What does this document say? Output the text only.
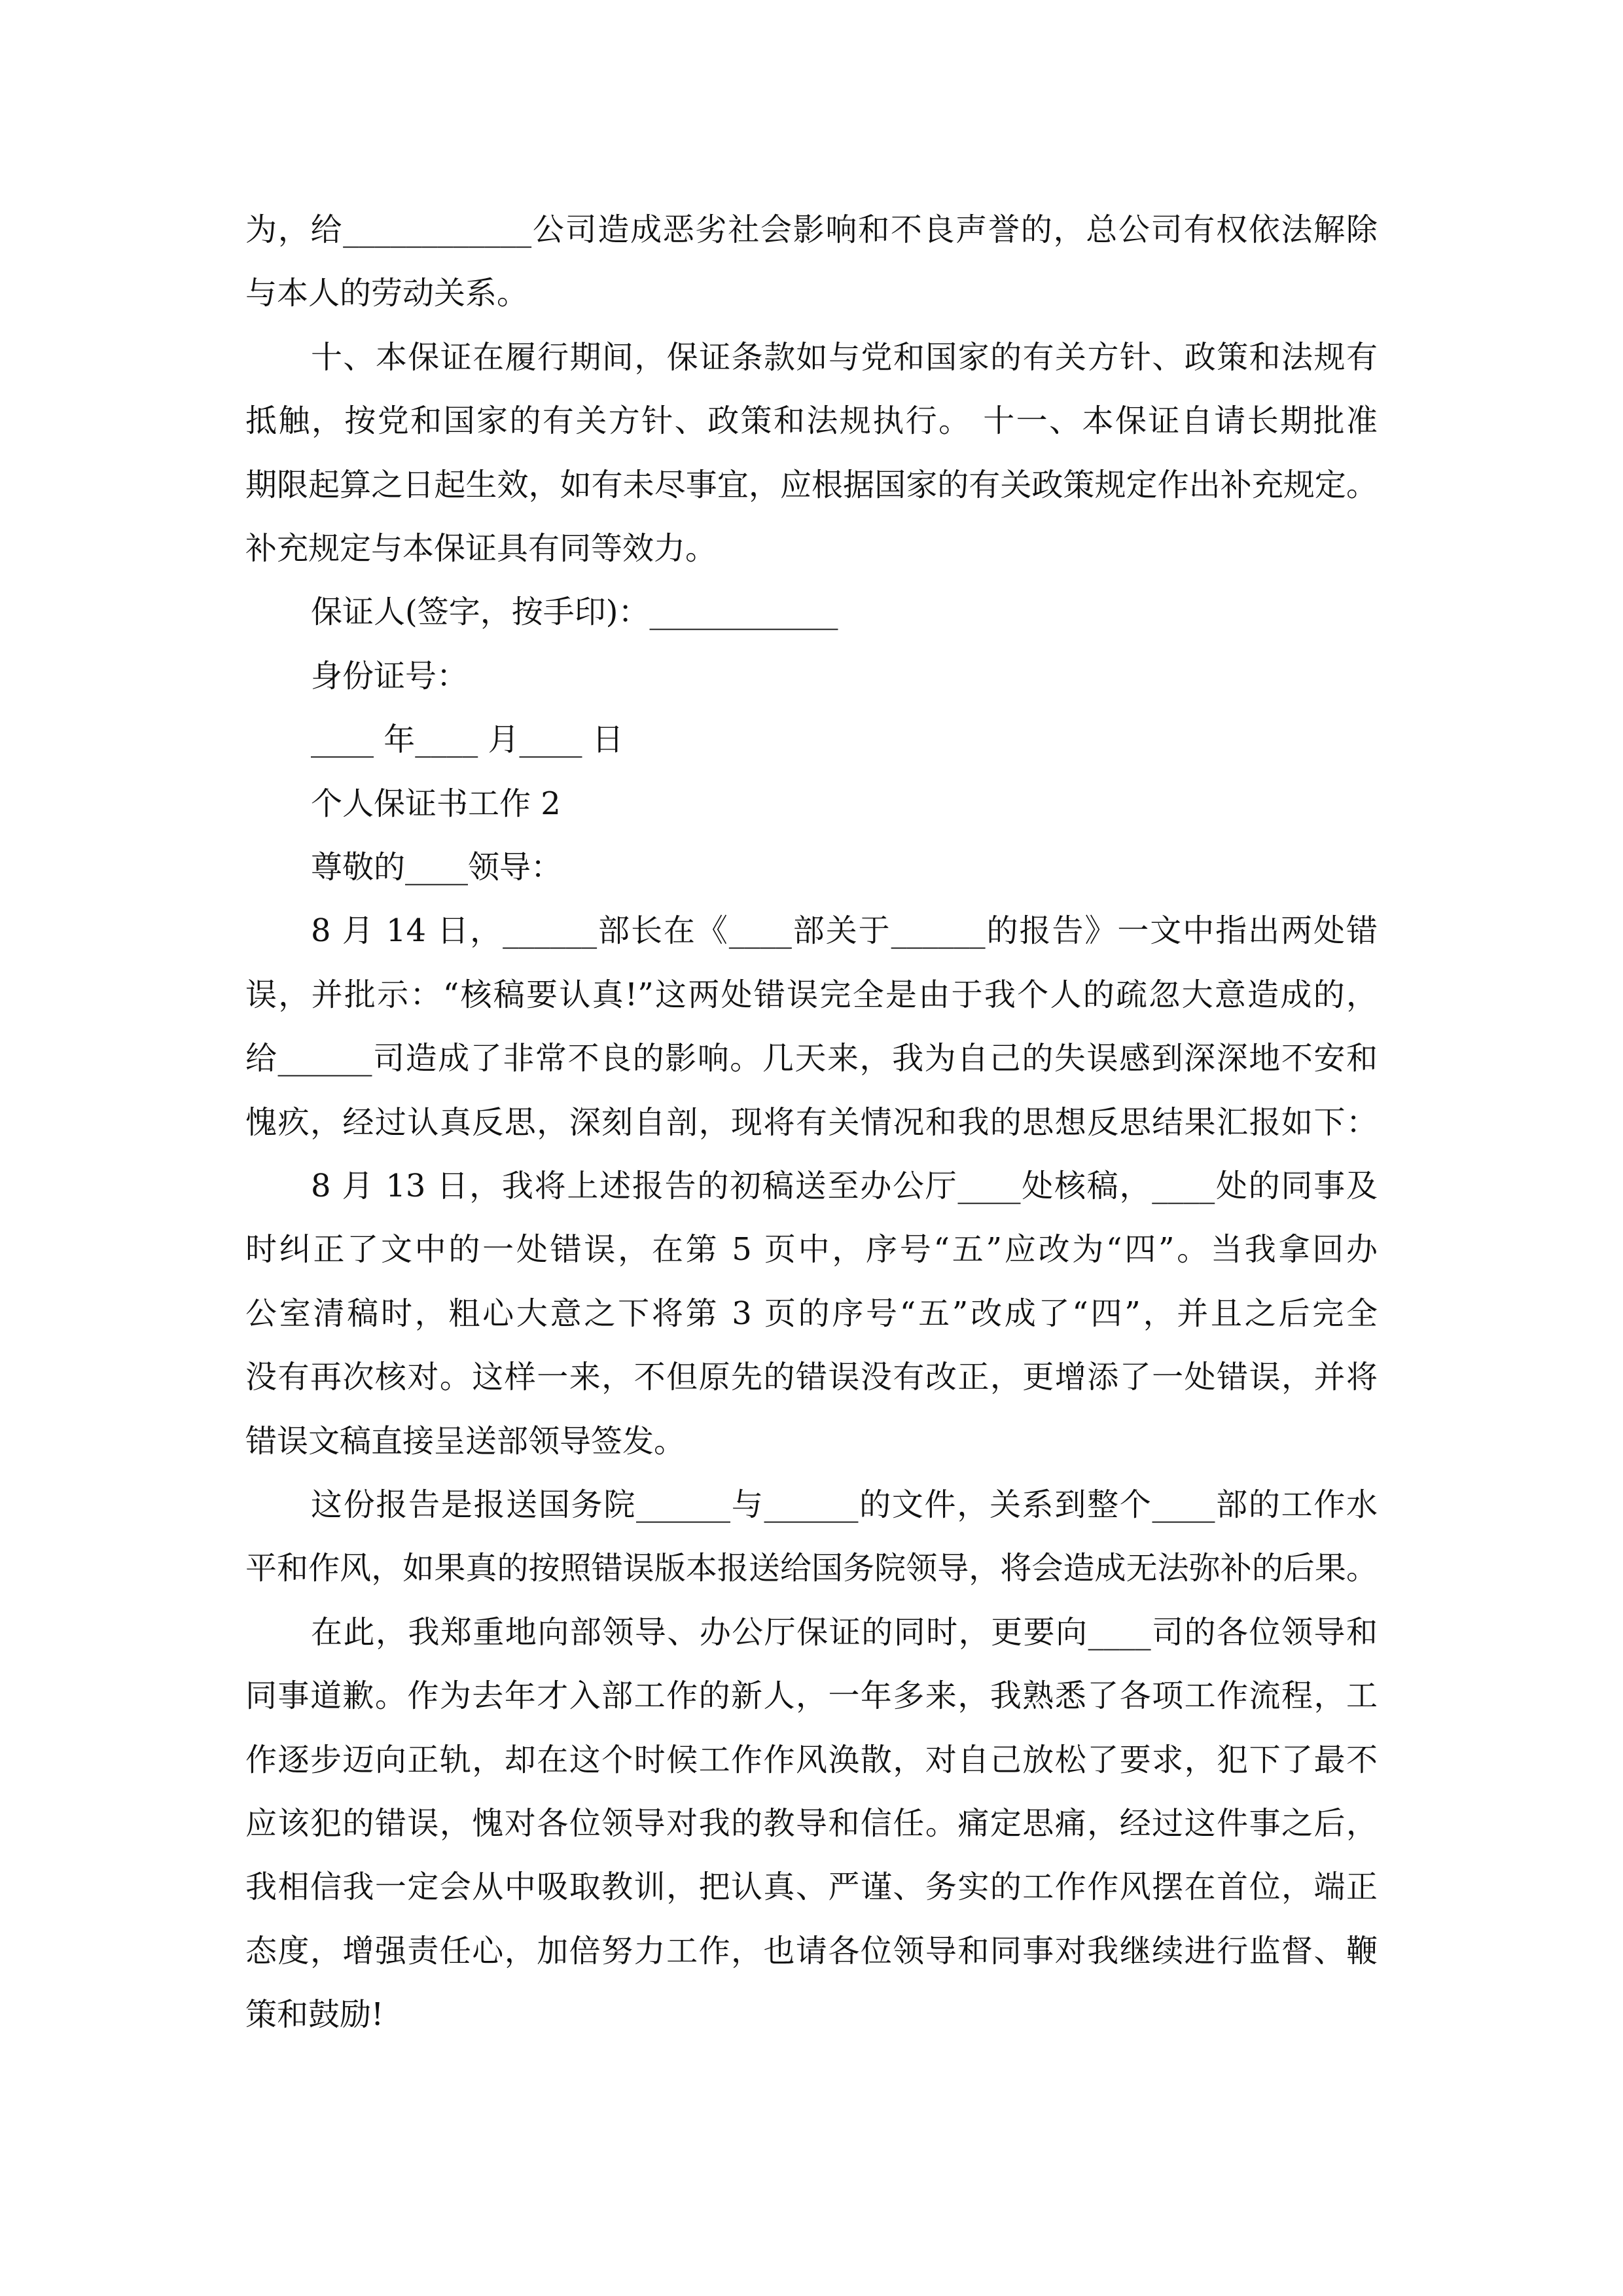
为，给____________公司造成恶劣社会影响和不良声誉的，总公司有权依法解除
与本人的劳动关系。
十、本保证在履行期间，保证条款如与党和国家的有关方针、政策和法规有
抵触，按党和国家的有关方针、政策和法规执行。 十一、本保证自请长期批准
期限起算之日起生效，如有未尽事宜，应根据国家的有关政策规定作出补充规定。
补充规定与本保证具有同等效力。
保证人(签字，按手印)：____________
身份证号：
____ 年____ 月____ 日
个人保证书工作 2
尊敬的____领导：
8 月 14 日，______部长在《____部关于______的报告》一文中指出两处错
误，并批示：“核稿要认真!”这两处错误完全是由于我个人的疏忽大意造成的，
给______司造成了非常不良的影响。几天来，我为自己的失误感到深深地不安和
愧疚，经过认真反思，深刻自剖，现将有关情况和我的思想反思结果汇报如下：
8 月 13 日，我将上述报告的初稿送至办公厅____处核稿，____处的同事及
时纠正了文中的一处错误，在第 5 页中，序号“五”应改为“四”。当我拿回办
公室清稿时，粗心大意之下将第 3 页的序号“五”改成了“四”，并且之后完全
没有再次核对。这样一来，不但原先的错误没有改正，更增添了一处错误，并将
错误文稿直接呈送部领导签发。
这份报告是报送国务院______与______的文件，关系到整个____部的工作水
平和作风，如果真的按照错误版本报送给国务院领导，将会造成无法弥补的后果。
在此，我郑重地向部领导、办公厅保证的同时，更要向____司的各位领导和
同事道歉。作为去年才入部工作的新人，一年多来，我熟悉了各项工作流程，工
作逐步迈向正轨，却在这个时候工作作风涣散，对自己放松了要求，犯下了最不
应该犯的错误，愧对各位领导对我的教导和信任。痛定思痛，经过这件事之后，
我相信我一定会从中吸取教训，把认真、严谨、务实的工作作风摆在首位，端正
态度，增强责任心，加倍努力工作，也请各位领导和同事对我继续进行监督、鞭
策和鼓励!
